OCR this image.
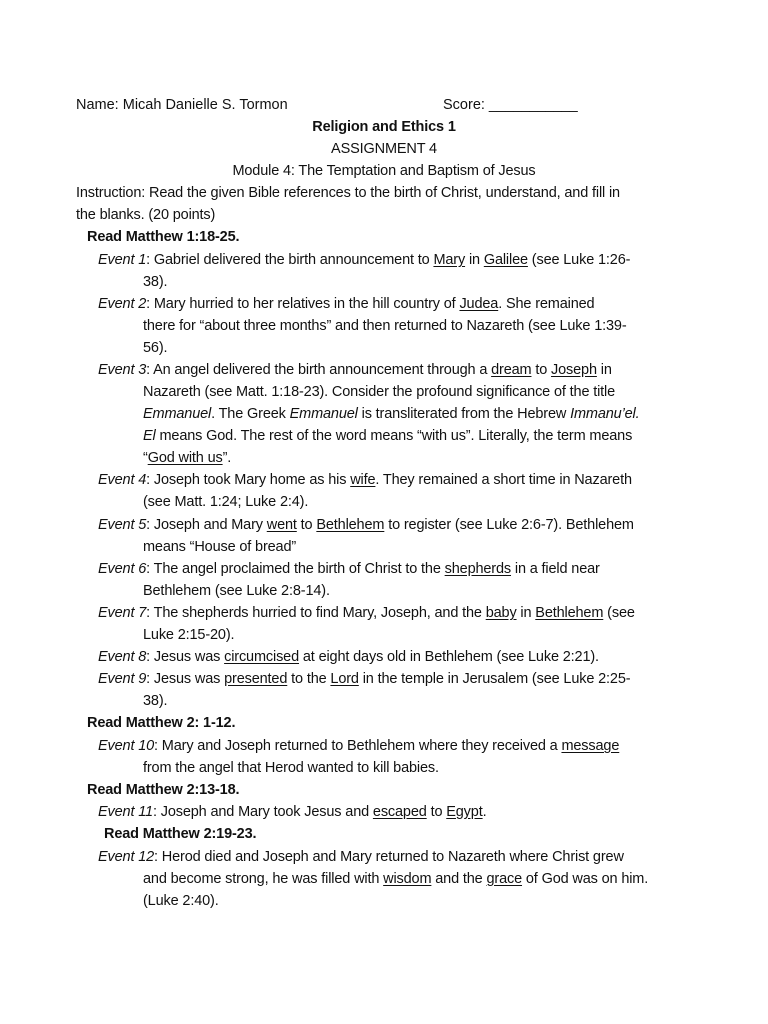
Name: Micah Danielle S. Tormon	Score: ___________
Religion and Ethics 1
ASSIGNMENT 4
Module 4: The Temptation and Baptism of Jesus
Instruction: Read the given Bible references to the birth of Christ, understand, and fill in
the blanks. (20 points)
Read Matthew 1:18-25.
Event 1: Gabriel delivered the birth announcement to Mary in Galilee (see Luke 1:26-
38).
Event 2: Mary hurried to her relatives in the hill country of Judea. She remained
there for “about three months” and then returned to Nazareth (see Luke 1:39-
56).
Event 3: An angel delivered the birth announcement through a dream to Joseph in
Nazareth (see Matt. 1:18-23). Consider the profound significance of the title
Emmanuel. The Greek Emmanuel is transliterated from the Hebrew Immanu’el.
El means God. The rest of the word means “with us”. Literally, the term means
“God with us”.
Event 4: Joseph took Mary home as his wife. They remained a short time in Nazareth
(see Matt. 1:24; Luke 2:4).
Event 5: Joseph and Mary went to Bethlehem to register (see Luke 2:6-7). Bethlehem
means “House of bread”
Event 6: The angel proclaimed the birth of Christ to the shepherds in a field near
Bethlehem (see Luke 2:8-14).
Event 7: The shepherds hurried to find Mary, Joseph, and the baby in Bethlehem (see
Luke 2:15-20).
Event 8: Jesus was circumcised at eight days old in Bethlehem (see Luke 2:21).
Event 9: Jesus was presented to the Lord in the temple in Jerusalem (see Luke 2:25-
38).
Read Matthew 2: 1-12.
Event 10: Mary and Joseph returned to Bethlehem where they received a message
from the angel that Herod wanted to kill babies.
Read Matthew 2:13-18.
Event 11: Joseph and Mary took Jesus and escaped to Egypt.
Read Matthew 2:19-23.
Event 12: Herod died and Joseph and Mary returned to Nazareth where Christ grew
and become strong, he was filled with wisdom and the grace of God was on him.
(Luke 2:40).
